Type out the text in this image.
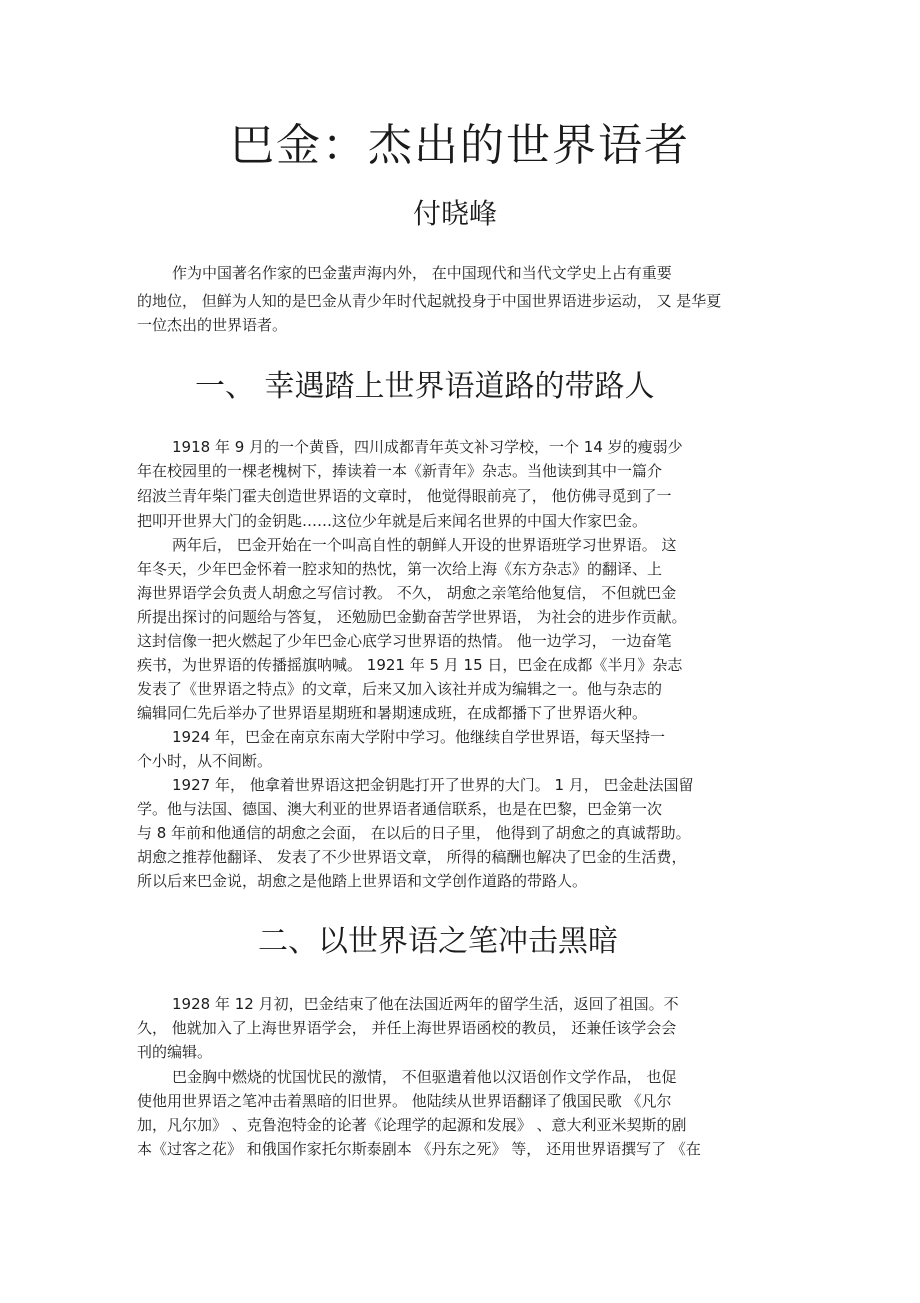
巴金：杰出的世界语者
付晓峰
作为中国著名作家的巴金蜚声海内外， 在中国现代和当代文学史上占有重要
的地位， 但鲜为人知的是巴金从青少年时代起就投身于中国世界语进步运动， 又 是华夏
一位杰出的世界语者。
一、 幸遇踏上世界语道路的带路人
1918 年 9 月的一个黄昏，四川成都青年英文补习学校，一个 14 岁的瘦弱少
年在校园里的一棵老槐树下，捧读着一本《新青年》杂志。当他读到其中一篇介
绍波兰青年柴门霍夫创造世界语的文章时， 他觉得眼前亮了， 他仿佛寻觅到了一
把叩开世界大门的金钥匙……这位少年就是后来闻名世界的中国大作家巴金。
两年后， 巴金开始在一个叫高自性的朝鲜人开设的世界语班学习世界语。 这
年冬天，少年巴金怀着一腔求知的热忱，第一次给上海《东方杂志》的翻译、上
海世界语学会负责人胡愈之写信讨教。 不久， 胡愈之亲笔给他复信， 不但就巴金
所提出探讨的问题给与答复， 还勉励巴金勤奋苦学世界语， 为社会的进步作贡献。
这封信像一把火燃起了少年巴金心底学习世界语的热情。 他一边学习， 一边奋笔
疾书，为世界语的传播摇旗呐喊。 1921 年 5 月 15 日，巴金在成都《半月》杂志
发表了《世界语之特点》的文章，后来又加入该社并成为编辑之一。他与杂志的
编辑同仁先后举办了世界语星期班和暑期速成班，在成都播下了世界语火种。
1924 年，巴金在南京东南大学附中学习。他继续自学世界语，每天坚持一
个小时，从不间断。
1927 年， 他拿着世界语这把金钥匙打开了世界的大门。 1 月， 巴金赴法国留
学。他与法国、德国、澳大利亚的世界语者通信联系，也是在巴黎，巴金第一次
与 8 年前和他通信的胡愈之会面， 在以后的日子里， 他得到了胡愈之的真诚帮助。
胡愈之推荐他翻译、 发表了不少世界语文章， 所得的稿酬也解决了巴金的生活费，
所以后来巴金说，胡愈之是他踏上世界语和文学创作道路的带路人。
二、以世界语之笔冲击黑暗
1928 年 12 月初，巴金结束了他在法国近两年的留学生活，返回了祖国。不
久， 他就加入了上海世界语学会， 并任上海世界语函校的教员， 还兼任该学会会
刊的编辑。
巴金胸中燃烧的忧国忧民的激情， 不但驱遣着他以汉语创作文学作品， 也促
使他用世界语之笔冲击着黑暗的旧世界。 他陆续从世界语翻译了俄国民歌 《凡尔
加，凡尔加》 、克鲁泡特金的论著《论理学的起源和发展》 、意大利亚米契斯的剧
本《过客之花》 和俄国作家托尔斯泰剧本 《丹东之死》 等， 还用世界语撰写了 《在
